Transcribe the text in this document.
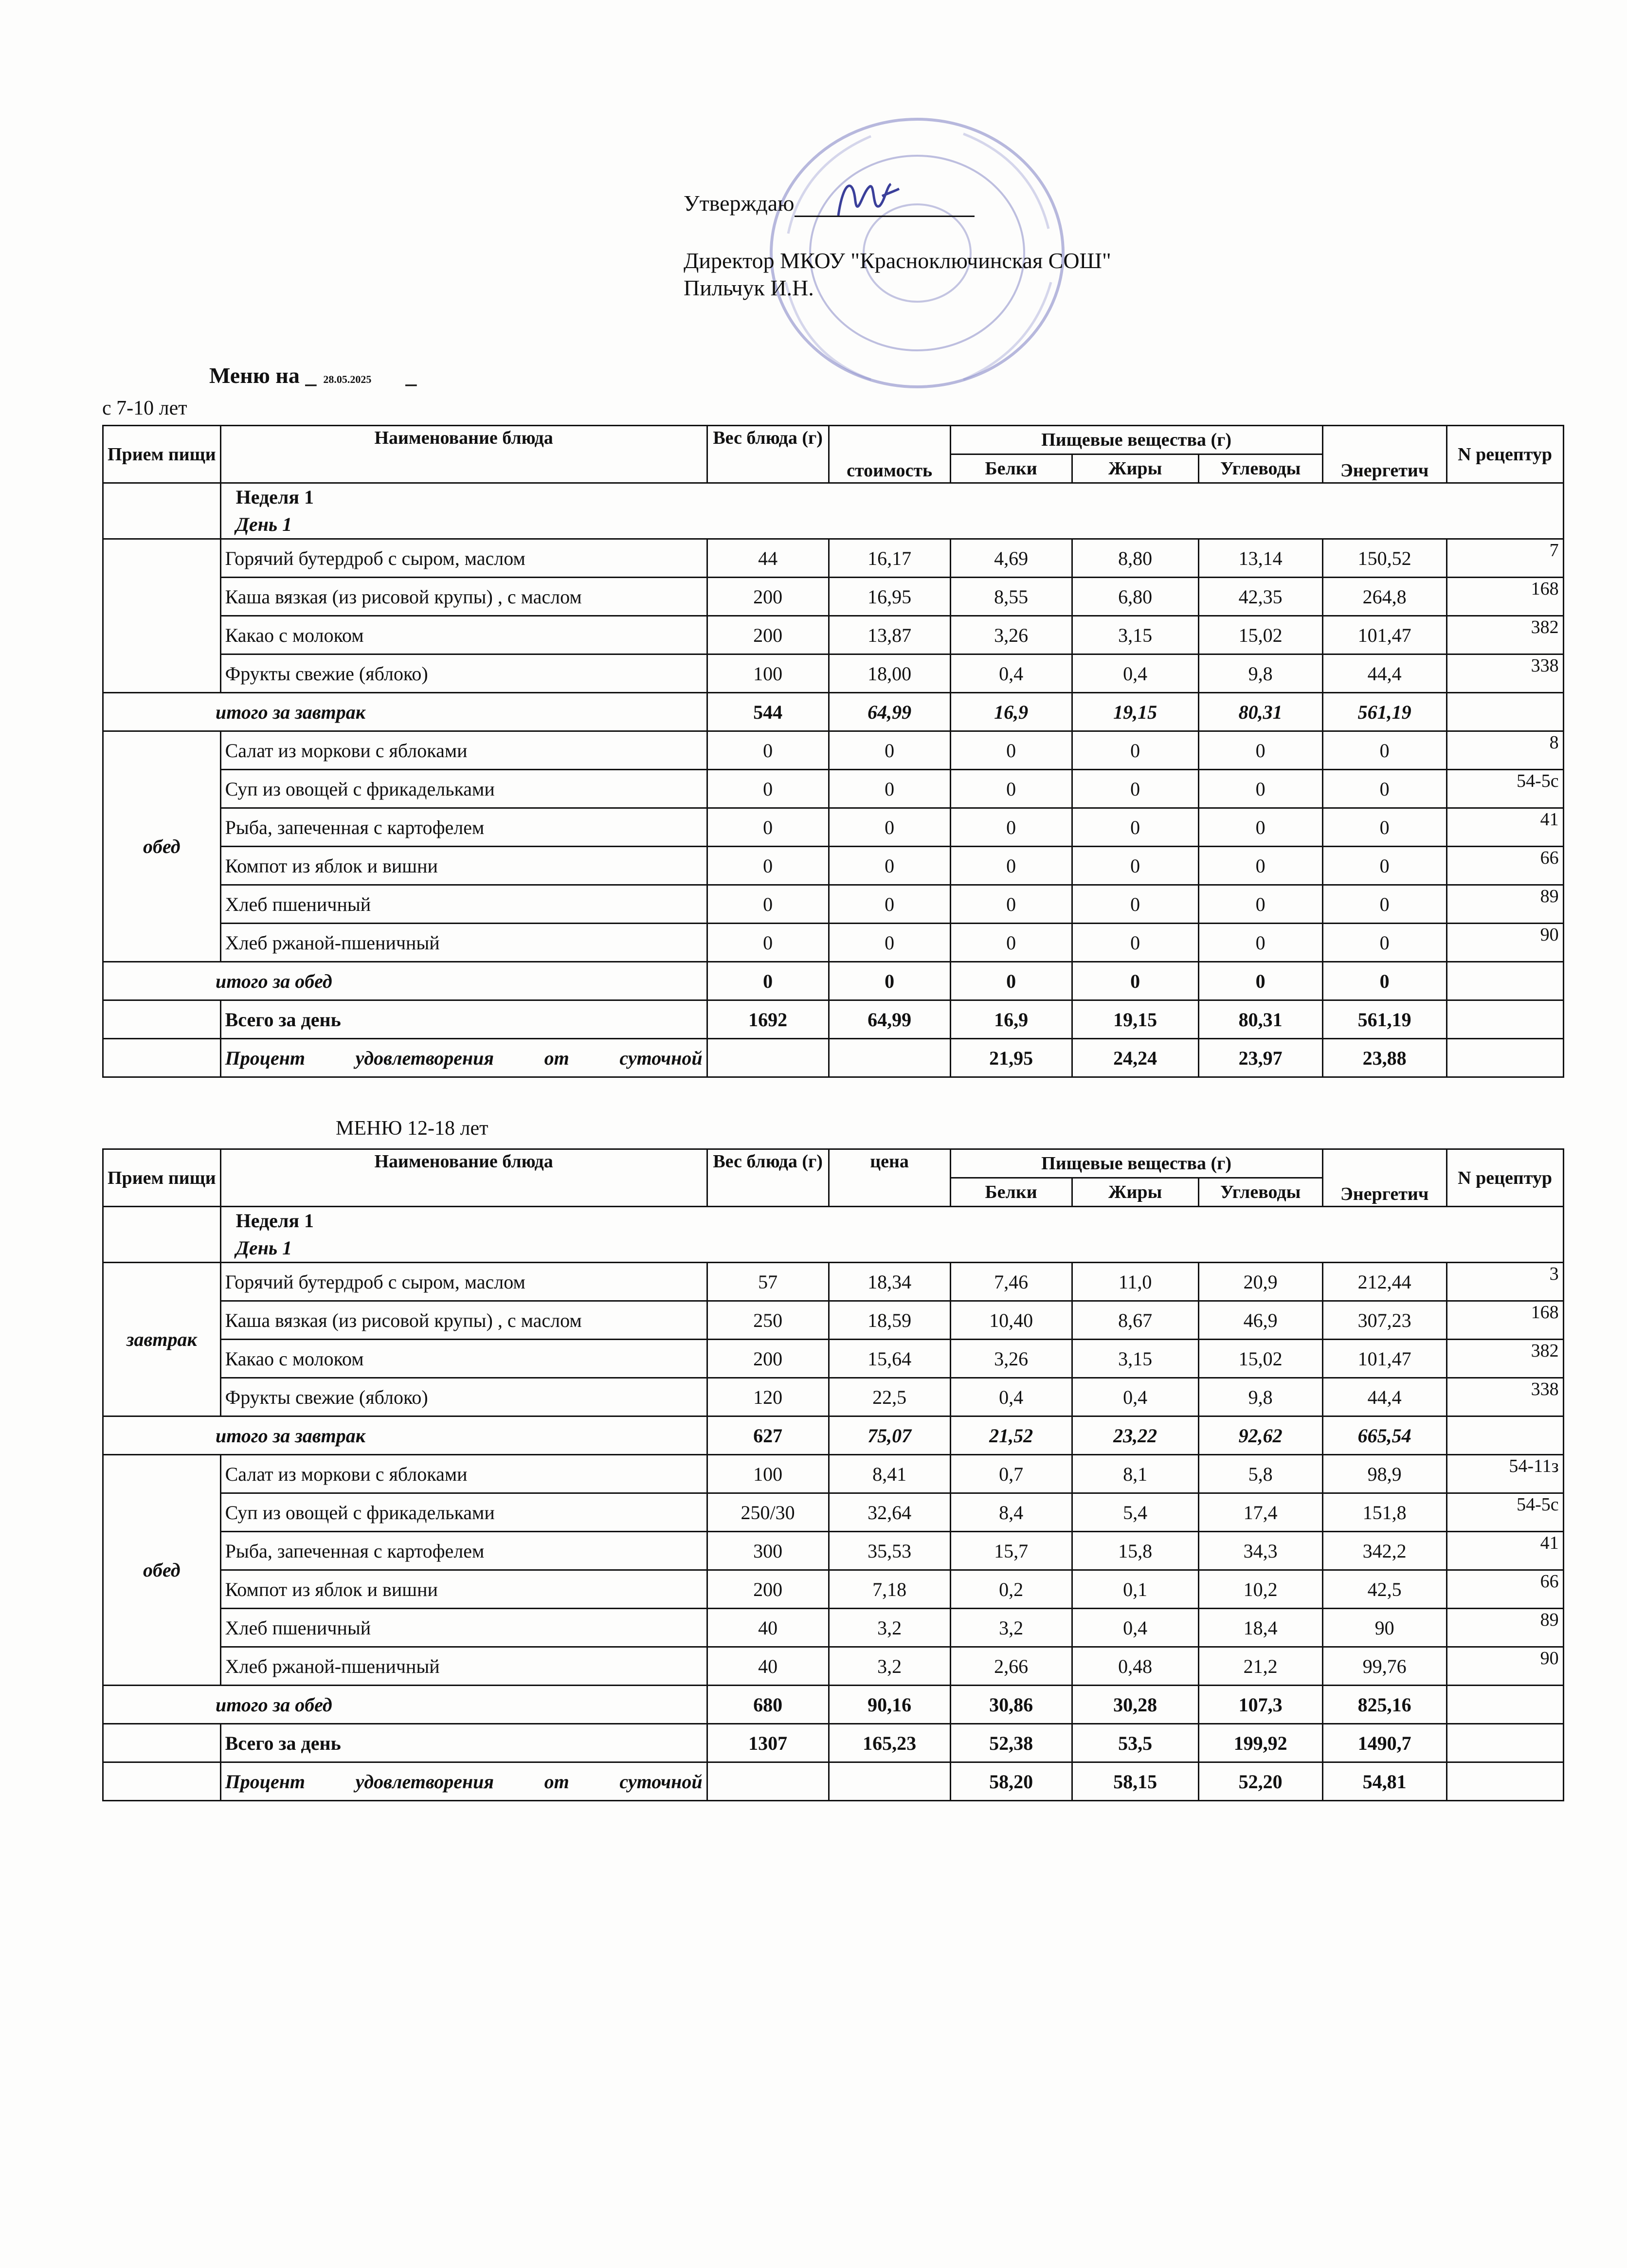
Утверждаю
Директор МКОУ "Красноключинская СОШ"
Пильчук И.Н.
Меню на _ 28.05.2025 _
с 7-10 лет
МЕНЮ 12-18 лет
Прием пищи	Наименование блюда	Вес блюда (г)	стоимость	Пищевые вещества (г)			Энергетич	N рецептур
				Белки	Жиры	Углеводы		

	Неделя 1
День 1							

	Горячий бутердроб с сыром, маслом	44	16,17	4,69	8,80	13,14	150,52	7
	Каша вязкая (из рисовой крупы) , с маслом	200	16,95	8,55	6,80	42,35	264,8	168
	Какао с молоком	200	13,87	3,26	3,15	15,02	101,47	382
	Фрукты свежие (яблоко)	100	18,00	0,4	0,4	9,8	44,4	338
итого за завтрак		544	64,99	16,9	19,15	80,31	561,19	
обед	Салат из моркови с яблоками	0	0	0	0	0	0	8
	Суп из овощей с фрикадельками	0	0	0	0	0	0	54-5с
	Рыба, запеченная с картофелем	0	0	0	0	0	0	41
	Компот из яблок и вишни	0	0	0	0	0	0	66
	Хлеб пшеничный	0	0	0	0	0	0	89
	Хлеб ржаной-пшеничный	0	0	0	0	0	0	90
итого за обед		0	0	0	0	0	0	
	Всего за день	1692	64,99	16,9	19,15	80,31	561,19	
	Процент удовлетворения от суточной			21,95	24,24	23,97	23,88	
Прием пищи	Наименование блюда	Вес блюда (г)	цена	Пищевые вещества (г)			Энергетич	N рецептур
				Белки	Жиры	Углеводы		

	Неделя 1
День 1							

завтрак	Горячий бутердроб с сыром, маслом	57	18,34	7,46	11,0	20,9	212,44	3
	Каша вязкая (из рисовой крупы) , с маслом	250	18,59	10,40	8,67	46,9	307,23	168
	Какао с молоком	200	15,64	3,26	3,15	15,02	101,47	382
	Фрукты свежие (яблоко)	120	22,5	0,4	0,4	9,8	44,4	338
итого за завтрак		627	75,07	21,52	23,22	92,62	665,54	
обед	Салат из моркови с яблоками	100	8,41	0,7	8,1	5,8	98,9	54-11з
	Суп из овощей с фрикадельками	250/30	32,64	8,4	5,4	17,4	151,8	54-5с
	Рыба, запеченная с картофелем	300	35,53	15,7	15,8	34,3	342,2	41
	Компот из яблок и вишни	200	7,18	0,2	0,1	10,2	42,5	66
	Хлеб пшеничный	40	3,2	3,2	0,4	18,4	90	89
	Хлеб ржаной-пшеничный	40	3,2	2,66	0,48	21,2	99,76	90
итого за обед		680	90,16	30,86	30,28	107,3	825,16	
	Всего за день	1307	165,23	52,38	53,5	199,92	1490,7	
	Процент удовлетворения от суточной			58,20	58,15	52,20	54,81	
